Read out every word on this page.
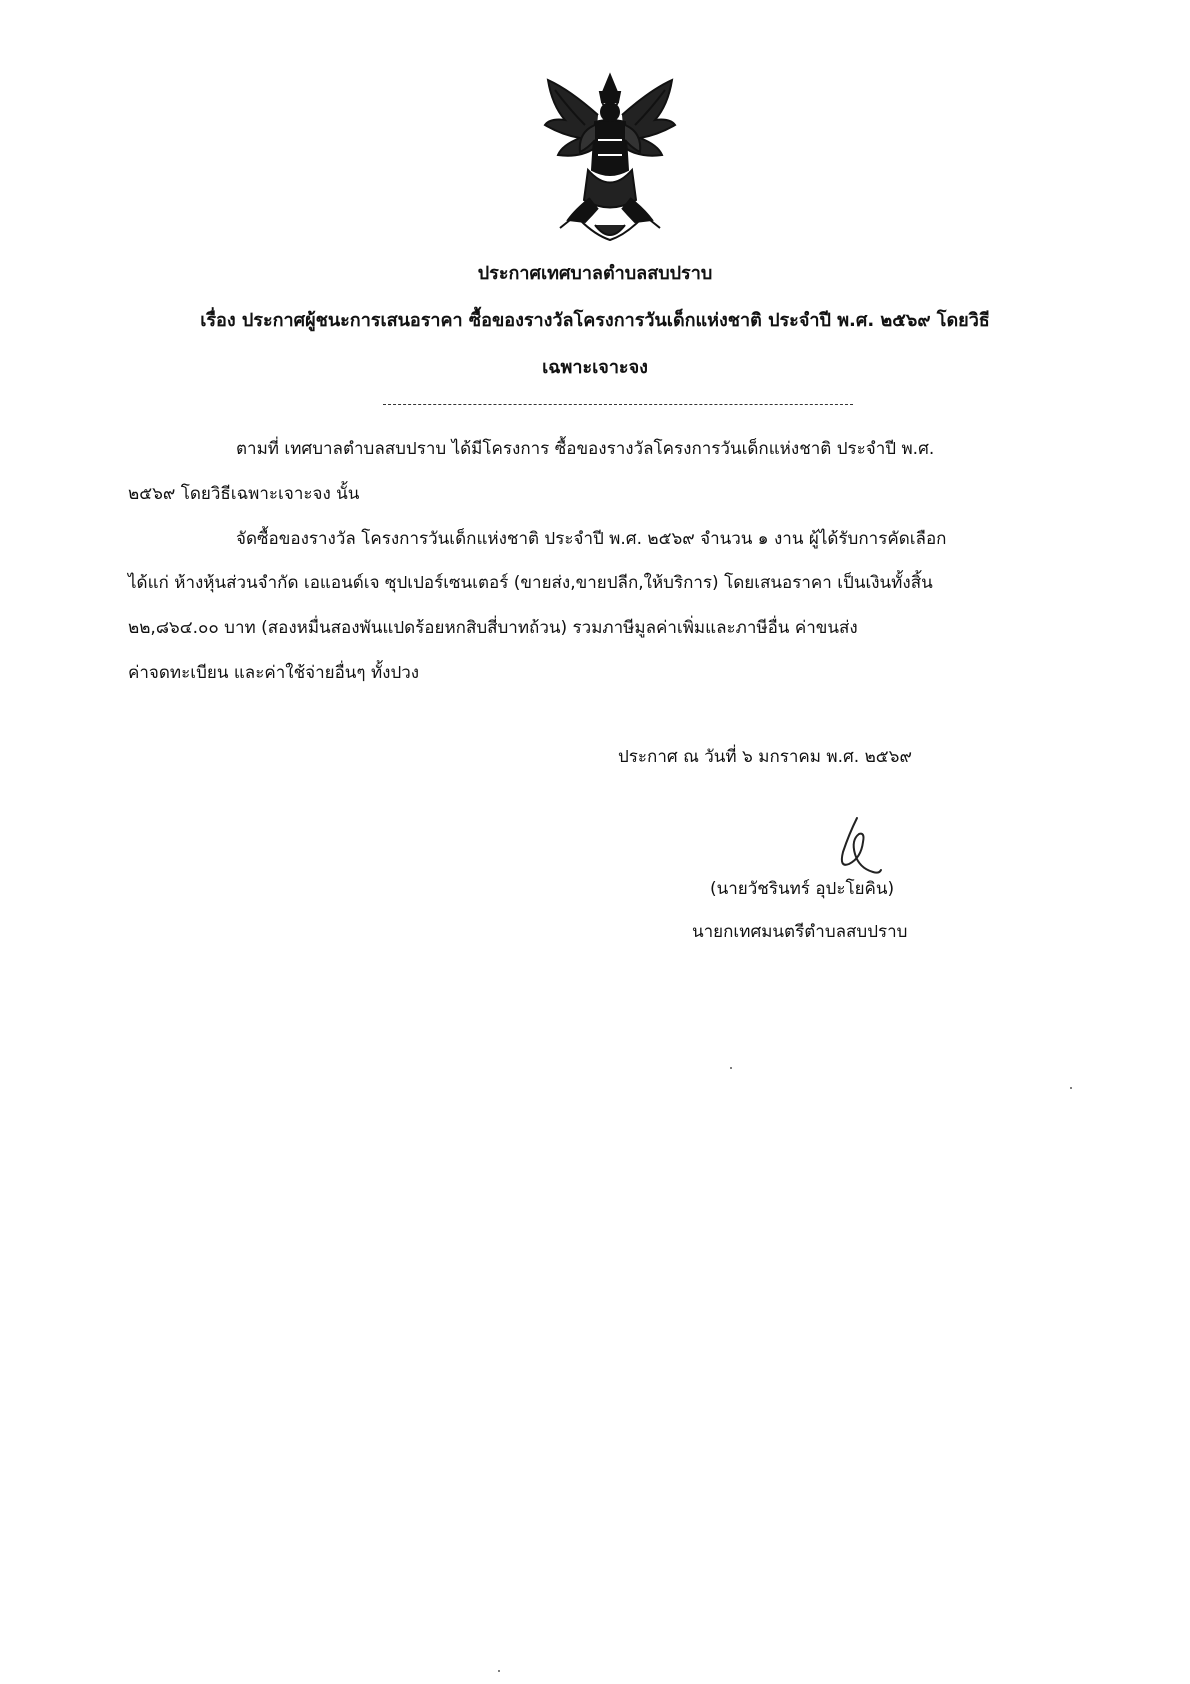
ประกาศเทศบาลตำบลสบปราบ
เรื่อง ประกาศผู้ชนะการเสนอราคา ซื้อของรางวัลโครงการวันเด็กแห่งชาติ ประจำปี พ.ศ. ๒๕๖๙ โดยวิธี
เฉพาะเจาะจง
ตามที่ เทศบาลตำบลสบปราบ ได้มีโครงการ ซื้อของรางวัลโครงการวันเด็กแห่งชาติ ประจำปี พ.ศ.
๒๕๖๙ โดยวิธีเฉพาะเจาะจง นั้น
จัดซื้อของรางวัล โครงการวันเด็กแห่งชาติ ประจำปี พ.ศ. ๒๕๖๙ จำนวน ๑ งาน ผู้ได้รับการคัดเลือก
ได้แก่ ห้างหุ้นส่วนจำกัด เอแอนด์เจ ซุปเปอร์เซนเตอร์ (ขายส่ง,ขายปลีก,ให้บริการ) โดยเสนอราคา เป็นเงินทั้งสิ้น
๒๒,๘๖๔.๐๐ บาท (สองหมื่นสองพันแปดร้อยหกสิบสี่บาทถ้วน) รวมภาษีมูลค่าเพิ่มและภาษีอื่น ค่าขนส่ง
ค่าจดทะเบียน และค่าใช้จ่ายอื่นๆ ทั้งปวง
ประกาศ ณ วันที่ ๖ มกราคม พ.ศ. ๒๕๖๙
(นายวัชรินทร์ อุปะโยคิน)
นายกเทศมนตรีตำบลสบปราบ
